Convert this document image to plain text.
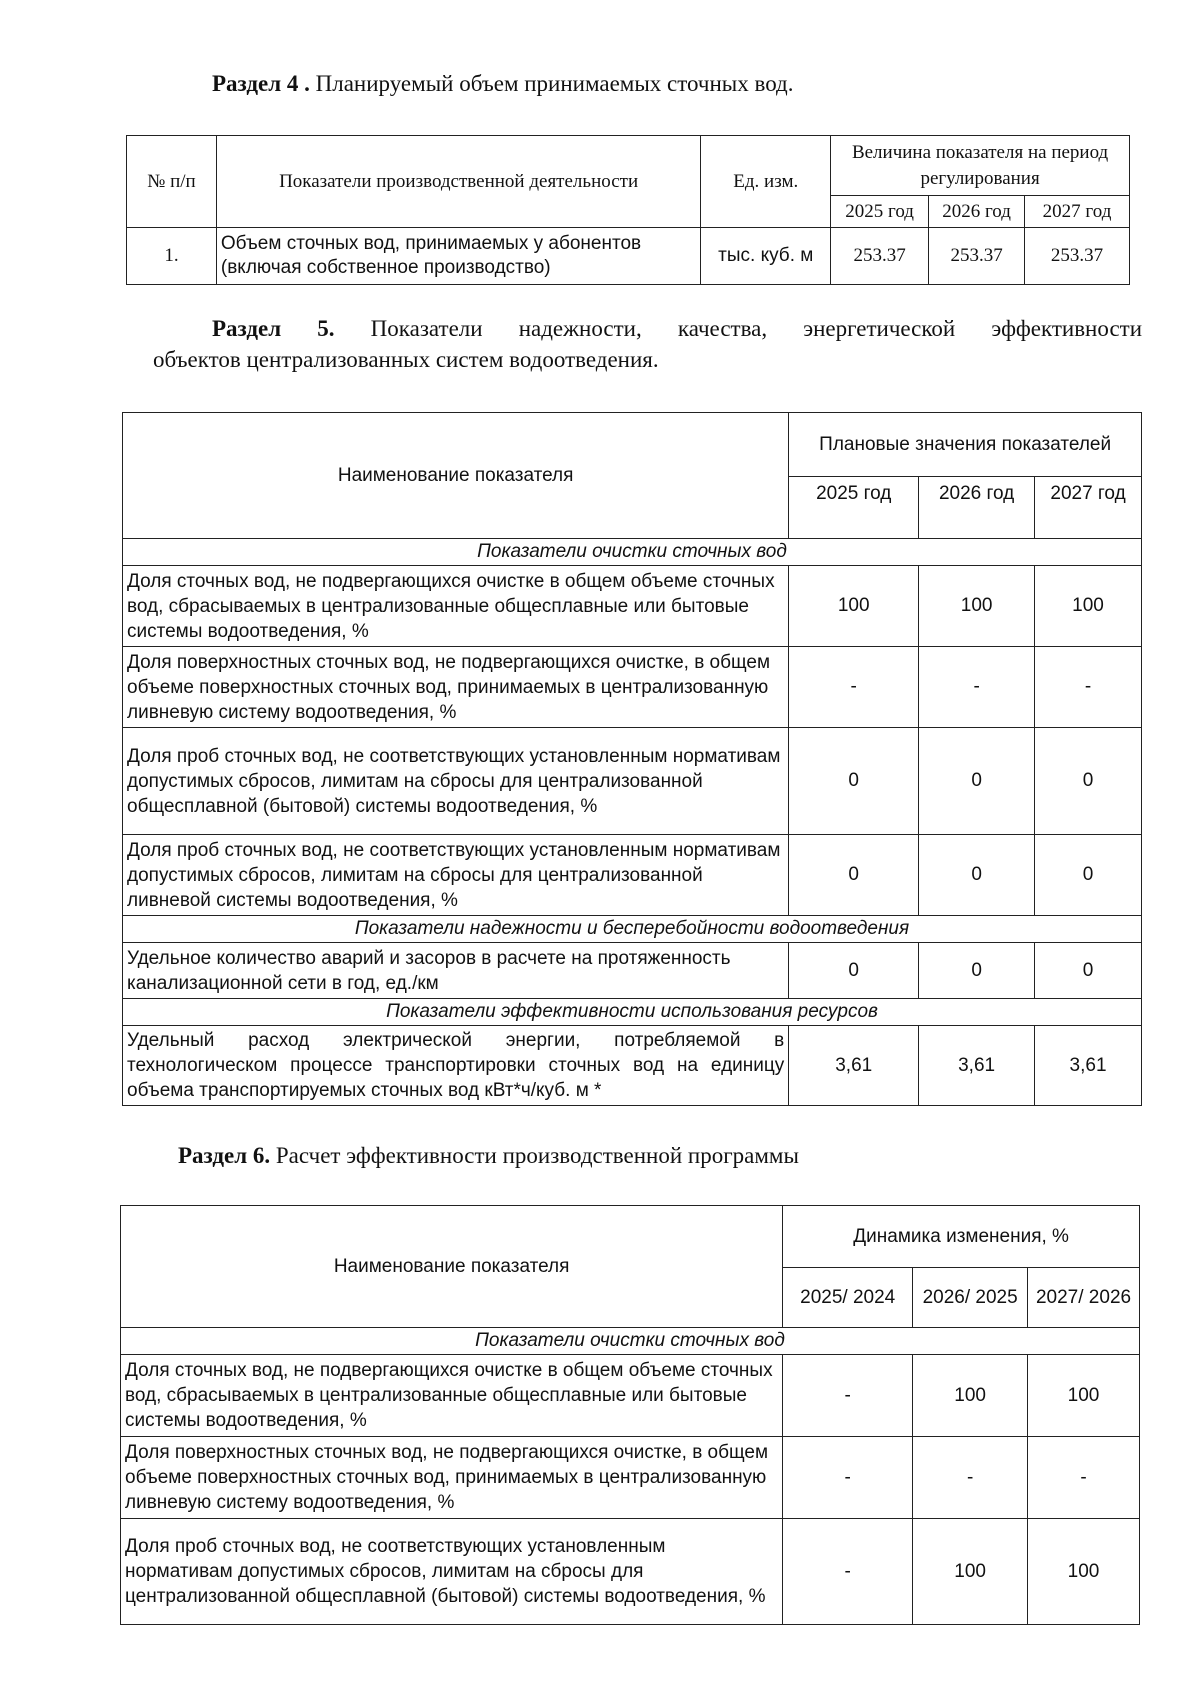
Раздел 4 . Планируемый объем принимаемых сточных вод.
№ п/п	Показатели производственной деятельности	Ед. изм.	Величина показателя на период регулирования		
			2025 год	2026 год	2027 год
1.	Объем сточных вод, принимаемых у абонентов (включая собственное производство)	тыс. куб. м	253.37	253.37	253.37
Раздел 5. Показатели надежности, качества, энергетической эффективности
объектов централизованных систем водоотведения.
Наименование показателя	Плановые значения показателей		
	2025 год	2026 год	2027 год
Показатели очистки сточных вод			
Доля сточных вод, не подвергающихся очистке в общем объеме сточных вод, сбрасываемых в централизованные общесплавные или бытовые системы водоотведения, %	100	100	100
Доля поверхностных сточных вод, не подвергающихся очистке, в общем объеме поверхностных сточных вод, принимаемых в централизованную ливневую систему водоотведения, %	-	-	-
Доля проб сточных вод, не соответствующих установленным нормативам допустимых сбросов, лимитам на сбросы для централизованной общесплавной (бытовой) системы водоотведения, %	0	0	0
Доля проб сточных вод, не соответствующих установленным нормативам допустимых сбросов, лимитам на сбросы для централизованной ливневой системы водоотведения, %	0	0	0
Показатели надежности и бесперебойности водоотведения			
Удельное количество аварий и засоров в расчете на протяженность канализационной сети в год, ед./км	0	0	0
Показатели эффективности использования ресурсов			
Удельный расход электрической энергии, потребляемой в технологическом процессе транспортировки сточных вод на единицу объема транспортируемых сточных вод кВт*ч/куб. м *	3,61	3,61	3,61
Раздел 6. Расчет эффективности производственной программы
Наименование показателя	Динамика изменения, %		
	2025/ 2024	2026/ 2025	2027/ 2026
Показатели очистки сточных вод			
Доля сточных вод, не подвергающихся очистке в общем объеме сточных вод, сбрасываемых в централизованные общесплавные или бытовые системы водоотведения, %	-	100	100
Доля поверхностных сточных вод, не подвергающихся очистке, в общем объеме поверхностных сточных вод, принимаемых в централизованную ливневую систему водоотведения, %	-	-	-
Доля проб сточных вод, не соответствующих установленным нормативам допустимых сбросов, лимитам на сбросы для централизованной общесплавной (бытовой) системы водоотведения, %	-	100	100
